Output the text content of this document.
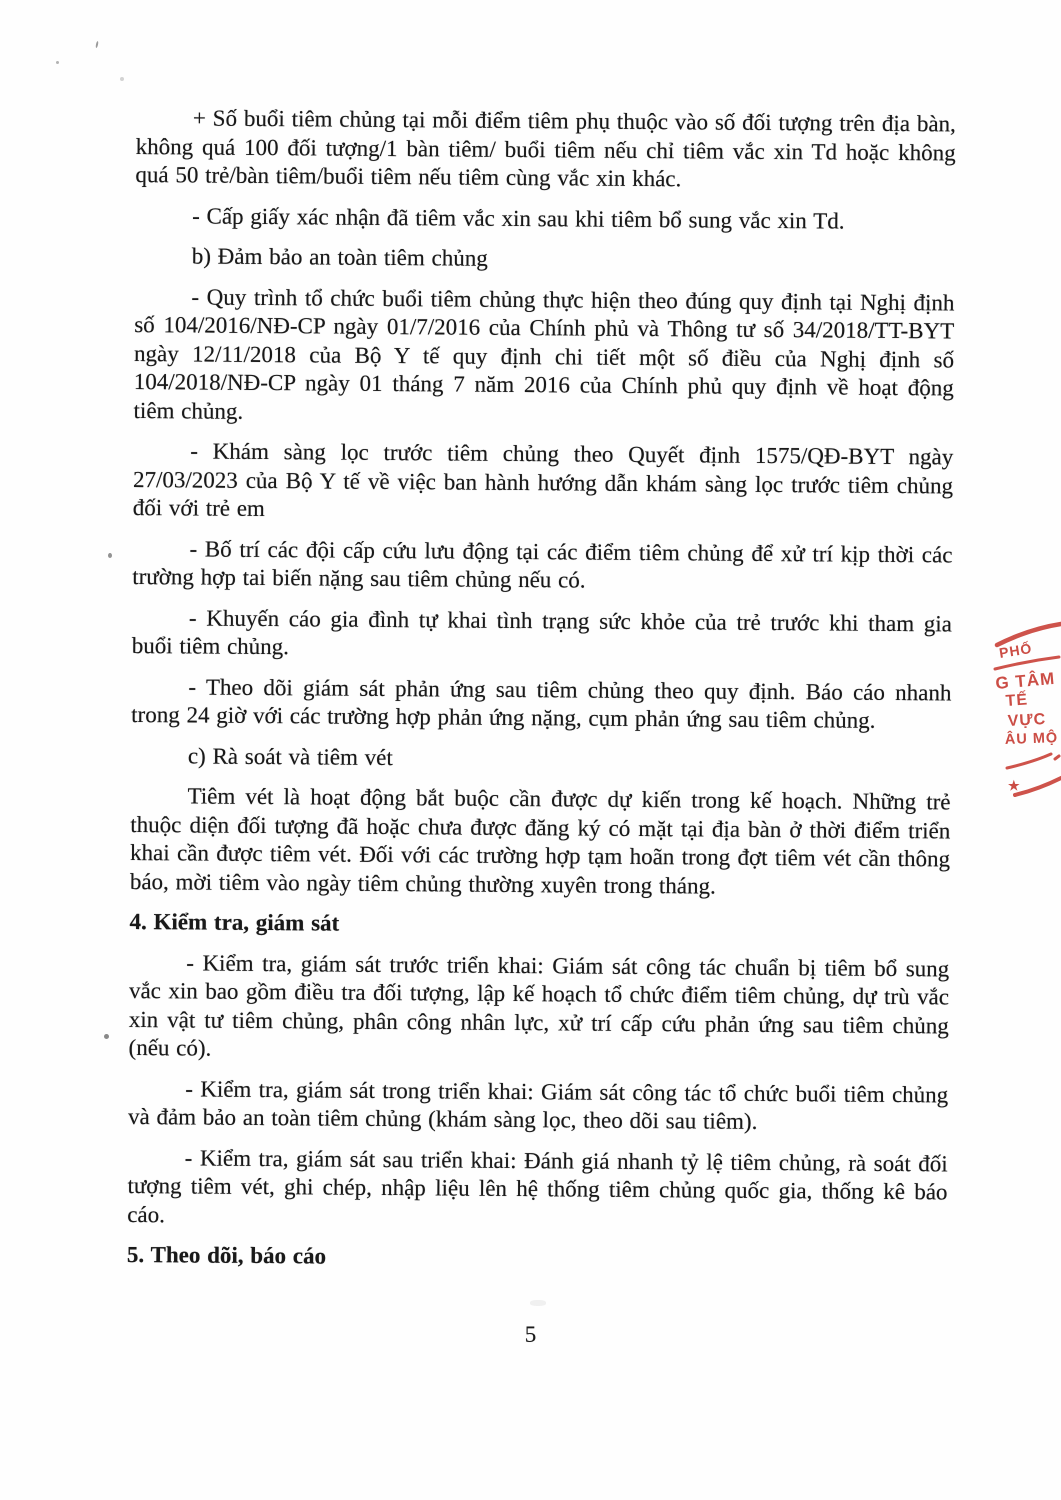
+ Số buổi tiêm chủng tại mỗi điểm tiêm phụ thuộc vào số đối tượng trên địa bàn, không quá 100 đối tượng/1 bàn tiêm/ buổi tiêm nếu chỉ tiêm vắc xin Td hoặc không quá 50 trẻ/bàn tiêm/buổi tiêm nếu tiêm cùng vắc xin khác.

- Cấp giấy xác nhận đã tiêm vắc xin sau khi tiêm bổ sung vắc xin Td.

b) Đảm bảo an toàn tiêm chủng

- Quy trình tổ chức buổi tiêm chủng thực hiện theo đúng quy định tại Nghị định số 104/2016/NĐ-CP ngày 01/7/2016 của Chính phủ và Thông tư số 34/2018/TT-BYT ngày 12/11/2018 của Bộ Y tế quy định chi tiết một số điều của Nghị định số 104/2018/NĐ-CP ngày 01 tháng 7 năm 2016 của Chính phủ quy định về hoạt động tiêm chủng.

- Khám sàng lọc trước tiêm chủng theo Quyết định 1575/QĐ-BYT ngày 27/03/2023 của Bộ Y tế về việc ban hành hướng dẫn khám sàng lọc trước tiêm chủng đối với trẻ em

- Bố trí các đội cấp cứu lưu động tại các điểm tiêm chủng để xử trí kịp thời các trường hợp tai biến nặng sau tiêm chủng nếu có.

- Khuyến cáo gia đình tự khai tình trạng sức khỏe của trẻ trước khi tham gia buổi tiêm chủng.

- Theo dõi giám sát phản ứng sau tiêm chủng theo quy định. Báo cáo nhanh trong 24 giờ với các trường hợp phản ứng nặng, cụm phản ứng sau tiêm chủng.

c) Rà soát và tiêm vét

Tiêm vét là hoạt động bắt buộc cần được dự kiến trong kế hoạch. Những trẻ thuộc diện đối tượng đã hoặc chưa được đăng ký có mặt tại địa bàn ở thời điểm triển khai cần được tiêm vét. Đối với các trường hợp tạm hoãn trong đợt tiêm vét cần thông báo, mời tiêm vào ngày tiêm chủng thường xuyên trong tháng.

4. Kiểm tra, giám sát

- Kiểm tra, giám sát trước triển khai: Giám sát công tác chuẩn bị tiêm bổ sung vắc xin bao gồm điều tra đối tượng, lập kế hoạch tổ chức điểm tiêm chủng, dự trù vắc xin vật tư tiêm chủng, phân công nhân lực, xử trí cấp cứu phản ứng sau tiêm chủng (nếu có).

- Kiểm tra, giám sát trong triển khai: Giám sát công tác tổ chức buổi tiêm chủng và đảm bảo an toàn tiêm chủng (khám sàng lọc, theo dõi sau tiêm).

- Kiểm tra, giám sát sau triển khai: Đánh giá nhanh tỷ lệ tiêm chủng, rà soát đối tượng tiêm vét, ghi chép, nhập liệu lên hệ thống tiêm chủng quốc gia, thống kê báo cáo.

5. Theo dõi, báo cáo

5
PHỐ
G TÂM
TẾ
VỰC
ÂU MỘ
★
